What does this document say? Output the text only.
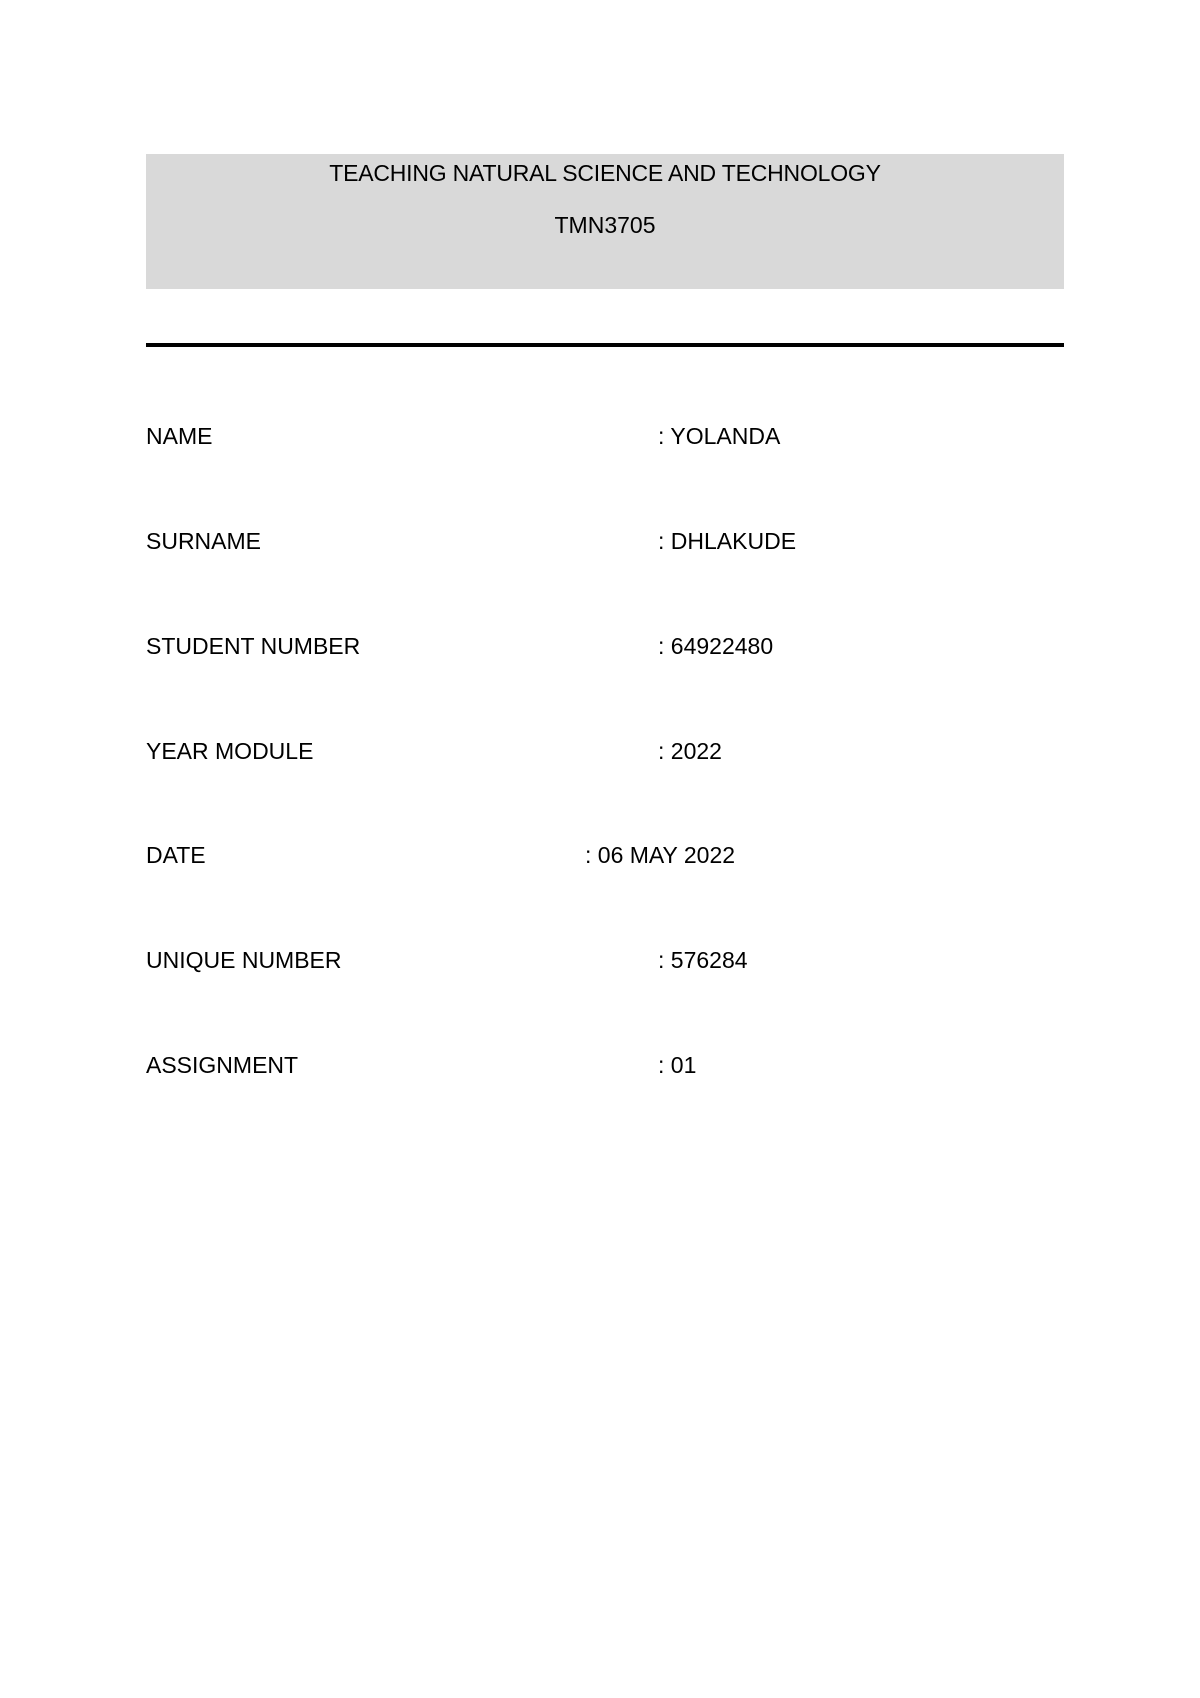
TEACHING NATURAL SCIENCE AND TECHNOLOGY
TMN3705
NAME	: YOLANDA
SURNAME	: DHLAKUDE
STUDENT NUMBER	: 64922480
YEAR MODULE	: 2022
DATE	: 06 MAY 2022
UNIQUE NUMBER	: 576284
ASSIGNMENT	: 01
